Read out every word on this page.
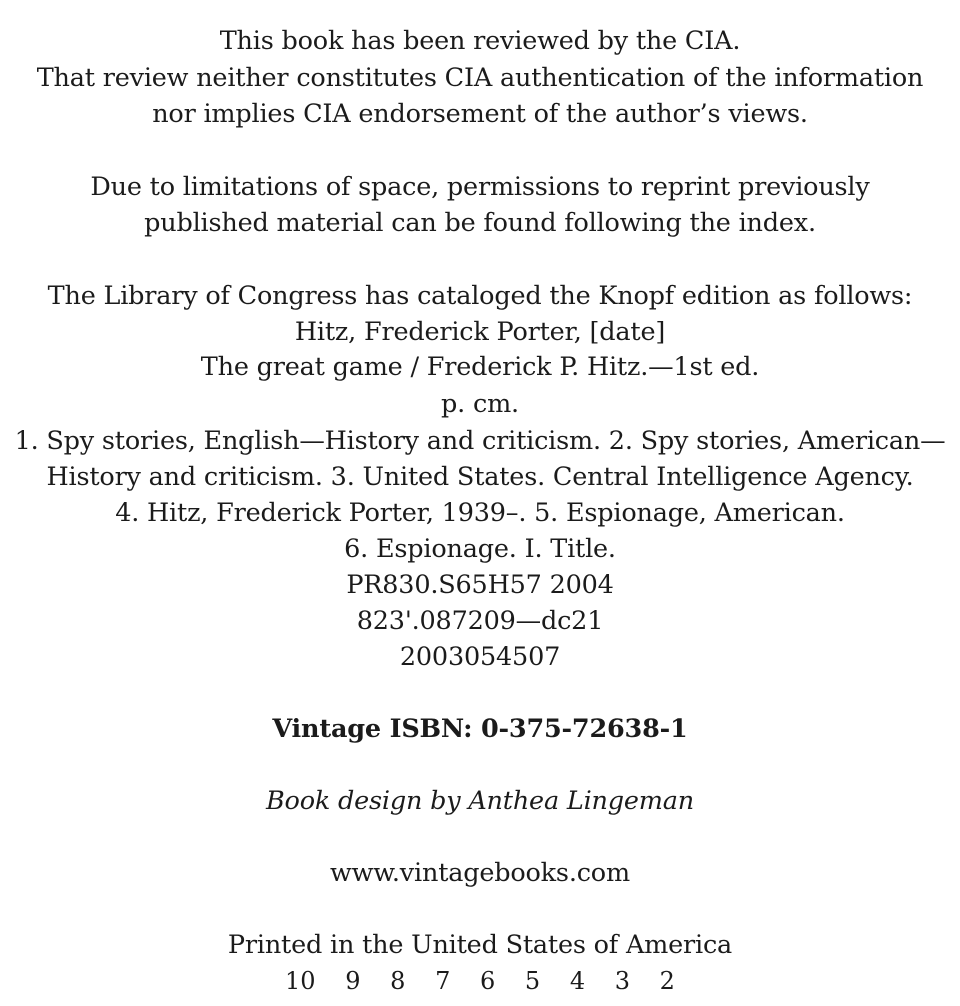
This book has been reviewed by the CIA.
That review neither constitutes CIA authentication of the information
nor implies CIA endorsement of the author’s views.
Due to limitations of space, permissions to reprint previously
published material can be found following the index.
The Library of Congress has cataloged the Knopf edition as follows:
Hitz, Frederick Porter, [date]
The great game / Frederick P. Hitz.—1st ed.
p. cm.
1. Spy stories, English—History and criticism. 2. Spy stories, American—
History and criticism. 3. United States. Central Intelligence Agency.
4. Hitz, Frederick Porter, 1939–. 5. Espionage, American.
6. Espionage. I. Title.
PR830.S65H57 2004
823'.087209—dc21
2003054507
Vintage ISBN: 0-375-72638-1
Book design by Anthea Lingeman
www.vintagebooks.com
Printed in the United States of America
10 9 8 7 6 5 4 3 2
